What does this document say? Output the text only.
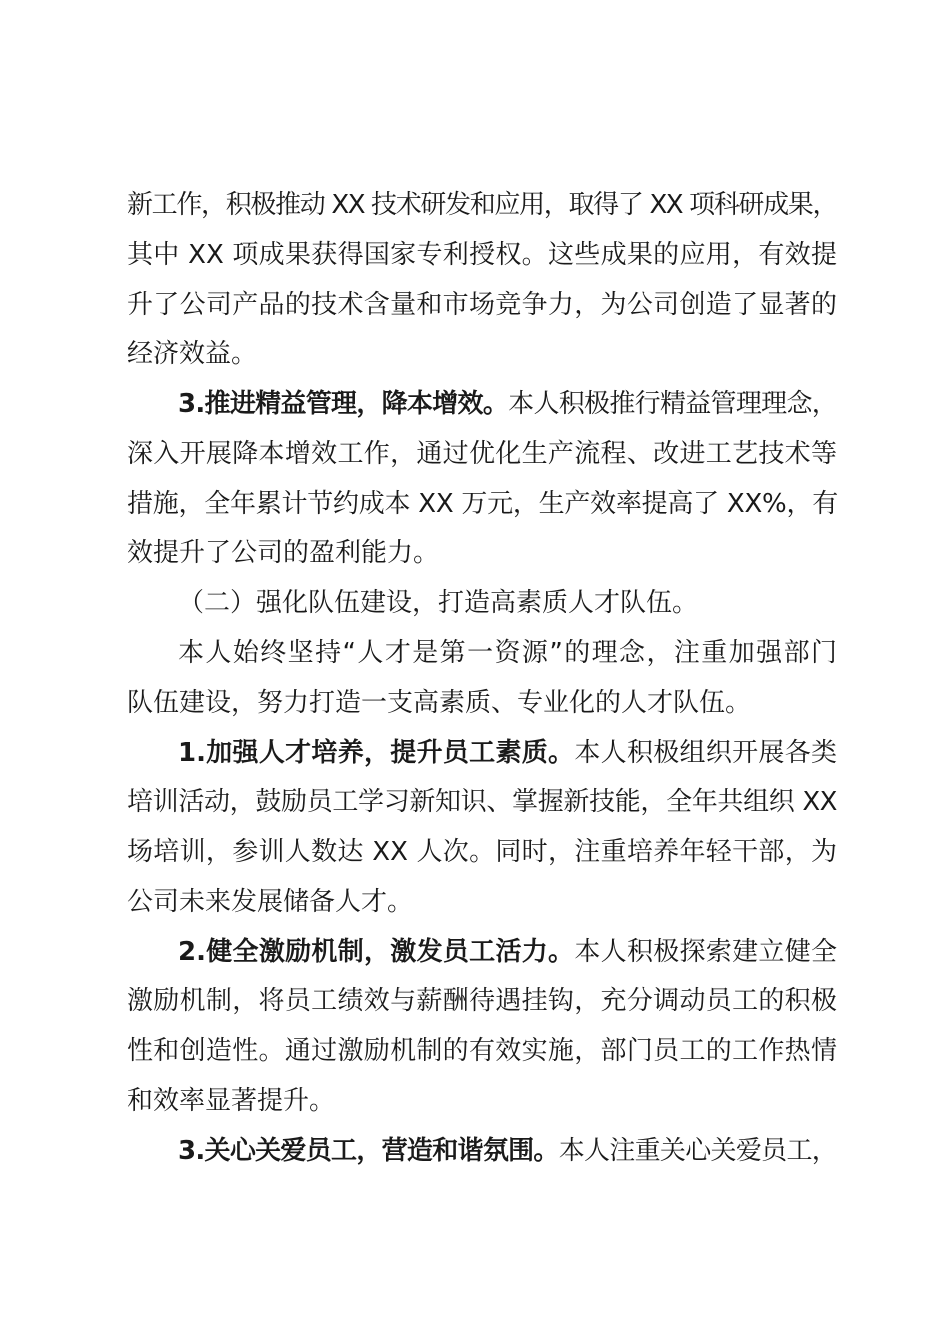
新工作，积极推动 XX 技术研发和应用，取得了 XX 项科研成果，
其中 XX 项成果获得国家专利授权。这些成果的应用，有效提
升了公司产品的技术含量和市场竞争力，为公司创造了显著的
经济效益。
3.推进精益管理，降本增效。本人积极推行精益管理理念，
深入开展降本增效工作，通过优化生产流程、改进工艺技术等
措施，全年累计节约成本 XX 万元，生产效率提高了 XX%，有
效提升了公司的盈利能力。
（二）强化队伍建设，打造高素质人才队伍。
本人始终坚持“人才是第一资源”的理念，注重加强部门
队伍建设，努力打造一支高素质、专业化的人才队伍。
1.加强人才培养，提升员工素质。本人积极组织开展各类
培训活动，鼓励员工学习新知识、掌握新技能，全年共组织 XX
场培训，参训人数达 XX 人次。同时，注重培养年轻干部，为
公司未来发展储备人才。
2.健全激励机制，激发员工活力。本人积极探索建立健全
激励机制，将员工绩效与薪酬待遇挂钩，充分调动员工的积极
性和创造性。通过激励机制的有效实施，部门员工的工作热情
和效率显著提升。
3.关心关爱员工，营造和谐氛围。本人注重关心关爱员工，
